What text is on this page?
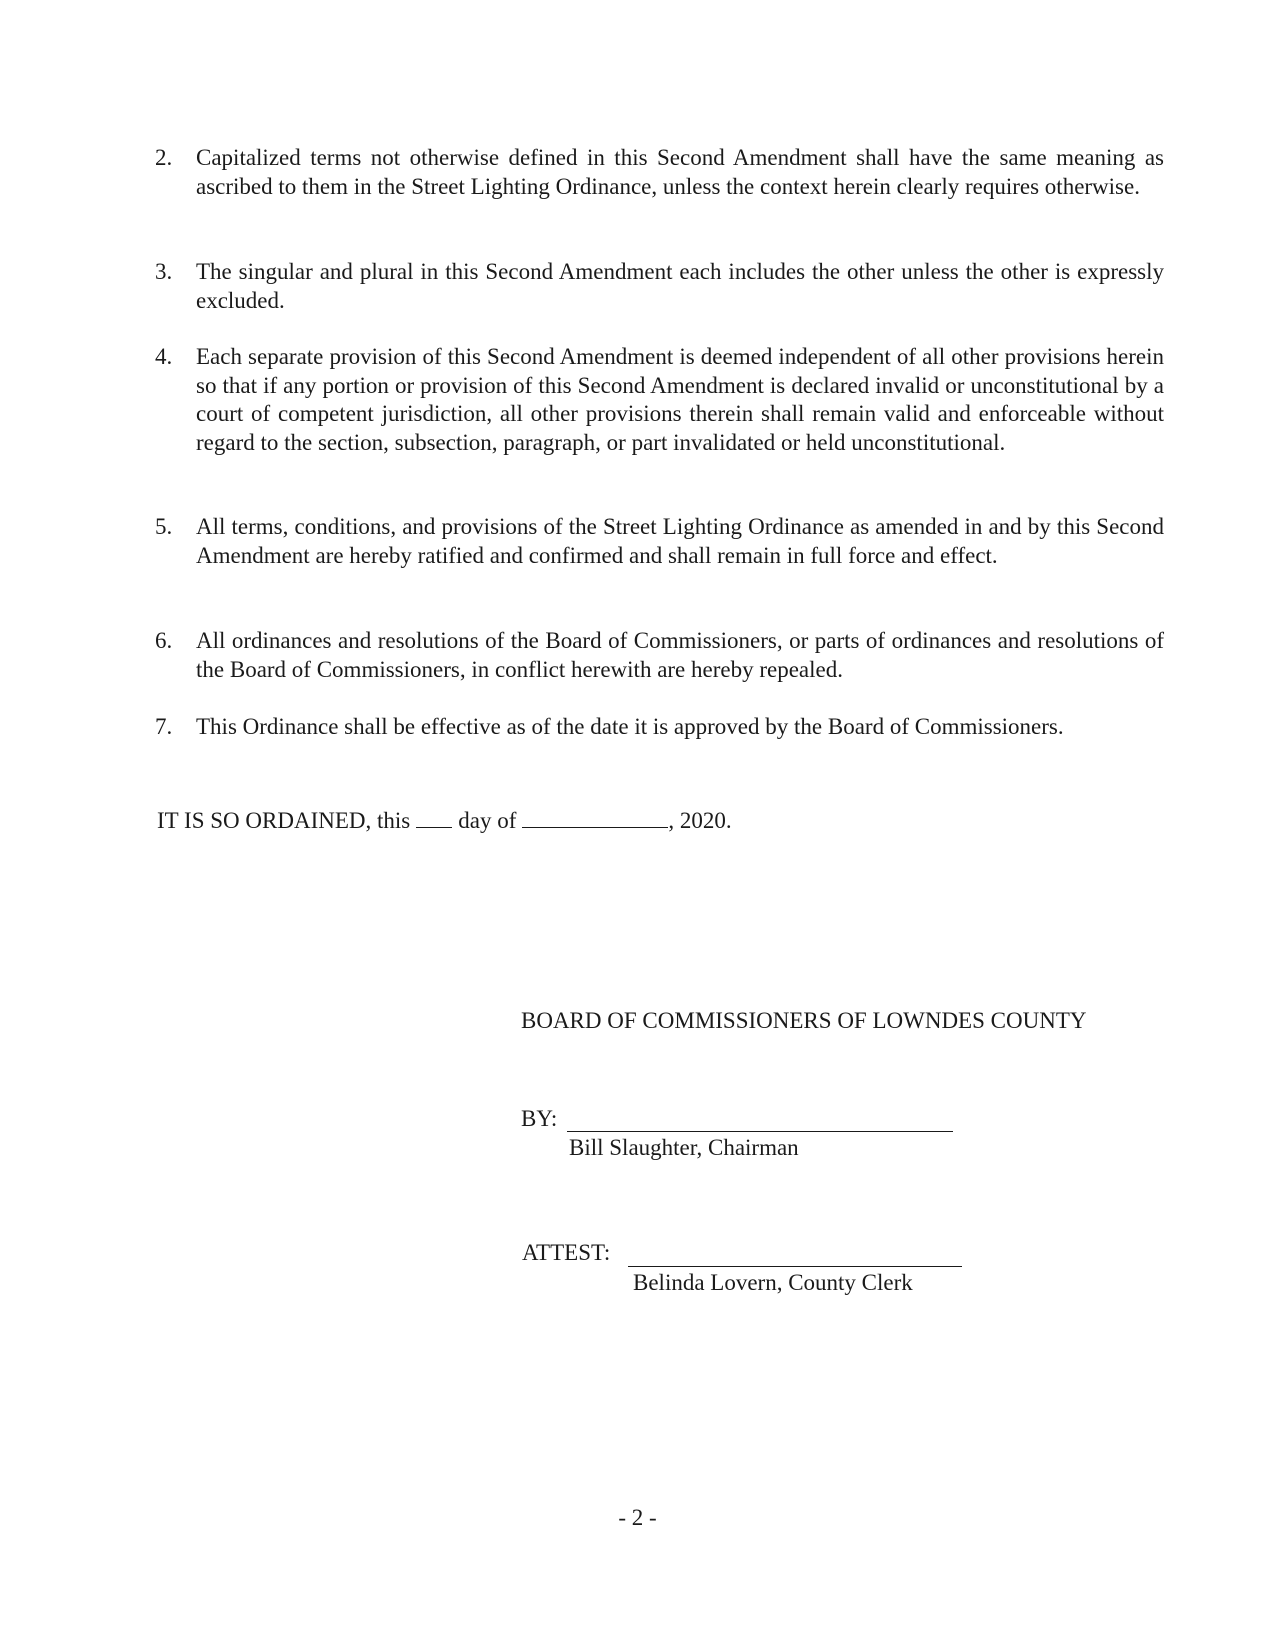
2. Capitalized terms not otherwise defined in this Second Amendment shall have the same meaning as ascribed to them in the Street Lighting Ordinance, unless the context herein clearly requires otherwise.
3. The singular and plural in this Second Amendment each includes the other unless the other is expressly excluded.
4. Each separate provision of this Second Amendment is deemed independent of all other provisions herein so that if any portion or provision of this Second Amendment is declared invalid or unconstitutional by a court of competent jurisdiction, all other provisions therein shall remain valid and enforceable without regard to the section, subsection, paragraph, or part invalidated or held unconstitutional.
5. All terms, conditions, and provisions of the Street Lighting Ordinance as amended in and by this Second Amendment are hereby ratified and confirmed and shall remain in full force and effect.
6. All ordinances and resolutions of the Board of Commissioners, or parts of ordinances and resolutions of the Board of Commissioners, in conflict herewith are hereby repealed.
7. This Ordinance shall be effective as of the date it is approved by the Board of Commissioners.
IT IS SO ORDAINED, this day of	, 2020.
BOARD OF COMMISSIONERS OF LOWNDES COUNTY
BY:
Bill Slaughter, Chairman
ATTEST:
Belinda Lovern, County Clerk
- 2 -
